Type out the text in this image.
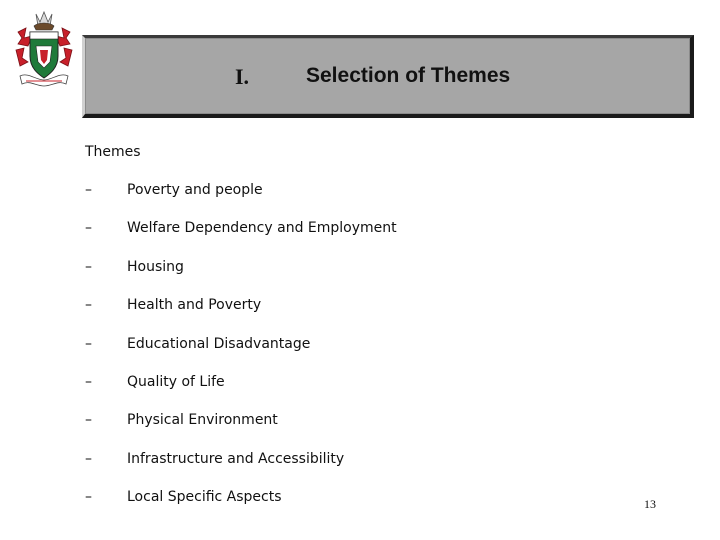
I.	Selection of Themes
Themes
–	Poverty and people
–	Welfare Dependency and Employment
–	Housing
–	Health and Poverty
–	Educational Disadvantage
–	Quality of Life
–	Physical Environment
–	Infrastructure and Accessibility
–	Local Specific Aspects	13
